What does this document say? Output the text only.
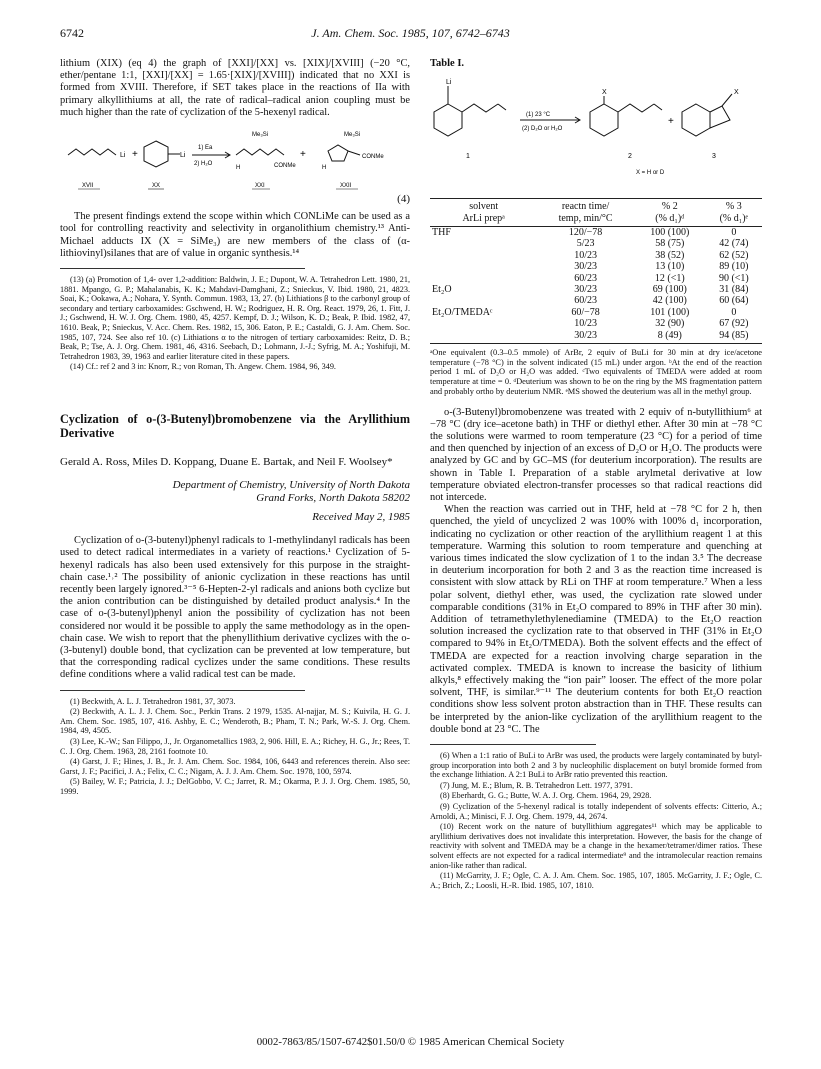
6742	J. Am. Chem. Soc. 1985, 107, 6742–6743

lithium (XIX) (eq 4) the graph of [XXI]/[XX] vs. [XIX]/[XVIII] (−20 °C, ether/pentane 1:1, [XXI]/[XX] = 1.65·[XIX]/[XVIII]) indicated that no XXI is formed from XVIII. Therefore, if SET takes place in the reactions of IIa with primary alkyllithiums at all, the rate of radical–radical anion coupling must be much higher than the rate of cyclization of the 5-hexenyl radical.

Li +	Li
1) Ea
2) H₂O
Me₃Si
H	CONMe
+
Me₃Si
H
CONMe
XVII	XX	XXI	XXII

(4)

The present findings extend the scope within which CONLiMe can be used as a tool for controlling reactivity and selectivity in organolithium chemistry.¹³ Anti-Michael adducts IX (X = SiMe₃) are new members of the class of (α-lithiovinyl)silanes that are of value in organic synthesis.¹⁴

(13) (a) Promotion of 1,4- over 1,2-addition: Baldwin, J. E.; Dupont, W. A. Tetrahedron Lett. 1980, 21, 1881. Mpango, G. P.; Mahalanabis, K. K.; Mahdavi-Damghani, Z.; Snieckus, V. Ibid. 1980, 21, 4823. Soai, K.; Ookawa, A.; Nohara, Y. Synth. Commun. 1983, 13, 27. (b) Lithiations β to the carbonyl group of secondary and tertiary carboxamides: Gschwend, H. W.; Rodriguez, H. R. Org. React. 1979, 26, 1. Fitt, J. J.; Gschwend, H. W. J. Org. Chem. 1980, 45, 4257. Kempf, D. J.; Wilson, K. D.; Beak, P. Ibid. 1982, 47, 1610. Beak, P.; Snieckus, V. Acc. Chem. Res. 1982, 15, 306. Eaton, P. E.; Castaldi, G. J. Am. Chem. Soc. 1985, 107, 724. See also ref 10. (c) Lithiations α to the nitrogen of tertiary carboxamides: Reitz, D. B.; Beak, P.; Tse, A. J. Org. Chem. 1981, 46, 4316. Seebach, D.; Lohmann, J.-J.; Syfrig, M. A.; Yoshifuji, M. Tetrahedron 1983, 39, 1963 and earlier literature cited in these papers.

(14) Cf.: ref 2 and 3 in: Knorr, R.; von Roman, Th. Angew. Chem. 1984, 96, 349.

Cyclization of o-(3-Butenyl)bromobenzene via the Aryllithium Derivative

Gerald A. Ross, Miles D. Koppang, Duane E. Bartak, and Neil F. Woolsey*

Department of Chemistry, University of North Dakota

Grand Forks, North Dakota 58202

Received May 2, 1985

Cyclization of o-(3-butenyl)phenyl radicals to 1-methylindanyl radicals has been used to detect radical intermediates in a variety of reactions.¹ Cyclization of 5-hexenyl radicals has also been used extensively for this purpose in the straight-chain case.¹˒² The possibility of anionic cyclization in these reactions has until recently been largely ignored.³⁻⁵ 6-Hepten-2-yl radicals and anions both cyclize but the anion contribution can be distinguished by detailed product analysis.⁴ In the case of o-(3-butenyl)phenyl anion the possibility of cyclization has not been considered nor would it be possible to apply the same methodology as in the open-chain case. We wish to report that the phenyllithium derivative cyclizes with the o-(3-butenyl) double bond, that cyclization can be prevented at low temperature, but that the corresponding radical cyclizes under the same conditions. These results define conditions where a valid radical test can be made.

(1) Beckwith, A. L. J. Tetrahedron 1981, 37, 3073.

(2) Beckwith, A. L. J. J. Chem. Soc., Perkin Trans. 2 1979, 1535. Al-najjar, M. S.; Kuivila, H. G. J. Am. Chem. Soc. 1985, 107, 416. Ashby, E. C.; Wenderoth, B.; Pham, T. N.; Park, W.-S. J. Org. Chem. 1984, 49, 4505.

(3) Lee, K.-W.; San Filippo, J., Jr. Organometallics 1983, 2, 906. Hill, E. A.; Richey, H. G., Jr.; Rees, T. C. J. Org. Chem. 1963, 28, 2161 footnote 10.

(4) Garst, J. F.; Hines, J. B., Jr. J. Am. Chem. Soc. 1984, 106, 6443 and references therein. Also see: Garst, J. F.; Pacifici, J. A.; Felix, C. C.; Nigam, A. J. J. Am. Chem. Soc. 1978, 100, 5974.

(5) Bailey, W. F.; Patricia, J. J.; DelGobbo, V. C.; Jarret, R. M.; Okarma, P. J. J. Org. Chem. 1985, 50, 1999.

Table I.

Li
(1) 23 °C
(2) D₂O or H₂O
X
+
X
1	2	3
X = H or D
solvent	reactn time/	% 2	% 3
ArLi prepᵃ	temp, min/°C	(% d₁)ᵈ	(% d₁)ᵉ
THF	120/−78	100 (100)	0
	5/23	58 (75)	42 (74)
	10/23	38 (52)	62 (52)
	30/23	13 (10)	89 (10)
	60/23	12 (<1)	90 (<1)
Et₂O	30/23	69 (100)	31 (84)
	60/23	42 (100)	60 (64)
Et₂O/TMEDAᶜ	60/−78	101 (100)	0
	10/23	32 (90)	67 (92)
	30/23	8 (49)	94 (85)

ᵃOne equivalent (0.3–0.5 mmole) of ArBr, 2 equiv of BuLi for 30 min at dry ice/acetone temperature (−78 °C) in the solvent indicated (15 mL) under argon. ᵇAt the end of the reaction period 1 mL of D₂O or H₂O was added. ᶜTwo equivalents of TMEDA were added at room temperature at time = 0. ᵈDeuterium was shown to be on the ring by the MS fragmentation pattern and probably ortho by deuterium NMR. ᵉMS showed the deuterium was all in the methyl group.

o-(3-Butenyl)bromobenzene was treated with 2 equiv of n-butyllithium⁶ at −78 °C (dry ice–acetone bath) in THF or diethyl ether. After 30 min at −78 °C the solutions were warmed to room temperature (23 °C) for a period of time and then quenched by injection of an excess of D₂O or H₂O. The products were analyzed by GC and by GC–MS (for deuterium incorporation). The results are shown in Table I. Preparation of a stable arylmetal derivative at low temperature obviated electron-transfer processes so that radical reactions did not intercede.

When the reaction was carried out in THF, held at −78 °C for 2 h, then quenched, the yield of uncyclized 2 was 100% with 100% d₁ incorporation, indicating no cyclization or other reaction of the aryllithium reagent 1 at this temperature. Warming this solution to room temperature and quenching at various times indicated the slow cyclization of 1 to the indan 3.⁵ The decrease in deuterium incorporation for both 2 and 3 as the reaction time increased is consistent with slow attack by RLi on THF at room temperature.⁷ When a less polar solvent, diethyl ether, was used, the cyclization rate slowed under comparable conditions (31% in Et₂O compared to 89% in THF after 30 min). Addition of tetramethylethylenediamine (TMEDA) to the Et₂O reaction solution increased the cyclization rate to that observed in THF (31% in Et₂O compared to 94% in Et₂O/TMEDA). Both the solvent effects and the effect of TMEDA are expected for a reaction involving charge separation in the activated complex. TMEDA is known to increase the basicity of lithium alkyls,⁸ effectively making the “ion pair” looser. The effect of the more polar solvent, THF, is similar.⁹⁻¹¹ The deuterium contents for both Et₂O reaction conditions show less solvent proton abstraction than in THF. These results can be interpreted by the anion-like cyclization of the aryllithium reagent to the double bond at 23 °C. The

(6) When a 1:1 ratio of BuLi to ArBr was used, the products were largely contaminated by butyl-group incorporation into both 2 and 3 by nucleophilic displacement on butyl bromide formed from the exchange lithiation. A 2:1 BuLi to ArBr ratio prevented this reaction.

(7) Jung, M. E.; Blum, R. B. Tetrahedron Lett. 1977, 3791.

(8) Eberhardt, G. G.; Butte, W. A. J. Org. Chem. 1964, 29, 2928.

(9) Cyclization of the 5-hexenyl radical is totally independent of solvents effects: Citterio, A.; Arnoldi, A.; Minisci, F. J. Org. Chem. 1979, 44, 2674.

(10) Recent work on the nature of butyllithium aggregates¹¹ which may be applicable to aryllithium derivatives does not invalidate this interpretation. However, the basis for the change of reactivity with solvent and TMEDA may be a change in the hexamer/tetramer/dimer ratios. These solvent effects are not expected for a radical intermediate⁹ and the intramolecular reaction remains anion-like rather than radical.

(11) McGarrity, J. F.; Ogle, C. A. J. Am. Chem. Soc. 1985, 107, 1805. McGarrity, J. F.; Ogle, C. A.; Brich, Z.; Loosli, H.-R. Ibid. 1985, 107, 1810.

0002-7863/85/1507-6742$01.50/0 © 1985 American Chemical Society
